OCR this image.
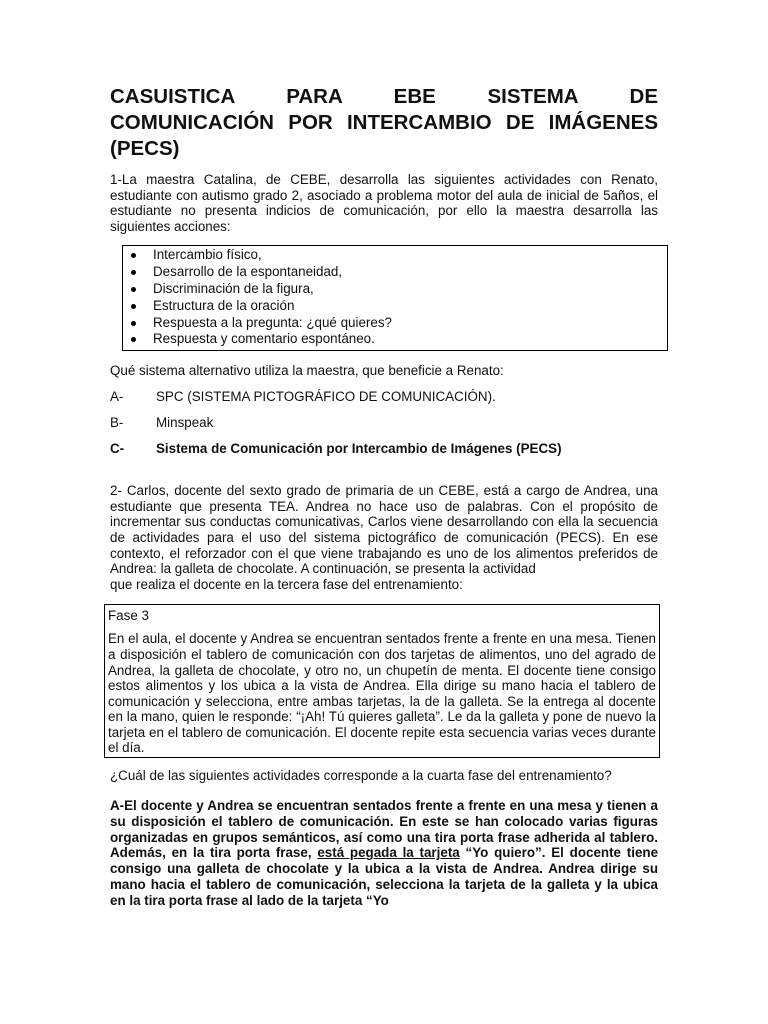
CASUISTICA PARA EBE SISTEMA DE
COMUNICACIÓN POR INTERCAMBIO DE IMÁGENES (PECS)

1-La maestra Catalina, de CEBE, desarrolla las siguientes actividades con Renato, estudiante con autismo grado 2, asociado a problema motor del aula de inicial de 5años, el estudiante no presenta indicios de comunicación, por ello la maestra desarrolla las siguientes acciones:

Intercambio físico,
Desarrollo de la espontaneidad,
Discriminación de la figura,
Estructura de la oración
Respuesta a la pregunta: ¿qué quieres?
Respuesta y comentario espontáneo.

Qué sistema alternativo utiliza la maestra, que beneficie a Renato:

A-	SPC (SISTEMA PICTOGRÁFICO DE COMUNICACIÓN).
B-	Minspeak
C-	Sistema de Comunicación por Intercambio de Imágenes (PECS)

2- Carlos, docente del sexto grado de primaria de un CEBE, está a cargo de Andrea, una estudiante que presenta TEA. Andrea no hace uso de palabras. Con el propósito de incrementar sus conductas comunicativas, Carlos viene desarrollando con ella la secuencia de actividades para el uso del sistema pictográfico de comunicación (PECS). En ese contexto, el reforzador con el que viene trabajando es uno de los alimentos preferidos de Andrea: la galleta de chocolate. A continuación, se presenta la actividad
que realiza el docente en la tercera fase del entrenamiento:

Fase 3

En el aula, el docente y Andrea se encuentran sentados frente a frente en una mesa. Tienen a disposición el tablero de comunicación con dos tarjetas de alimentos, uno del agrado de Andrea, la galleta de chocolate, y otro no, un chupetín de menta. El docente tiene consigo estos alimentos y los ubica a la vista de Andrea. Ella dirige su mano hacia el tablero de comunicación y selecciona, entre ambas tarjetas, la de la galleta. Se la entrega al docente en la mano, quien le responde: “¡Ah! Tú quieres galleta”. Le da la galleta y pone de nuevo la tarjeta en el tablero de comunicación. El docente repite esta secuencia varias veces durante el día.

¿Cuál de las siguientes actividades corresponde a la cuarta fase del entrenamiento?

A-El docente y Andrea se encuentran sentados frente a frente en una mesa y tienen a su disposición el tablero de comunicación. En este se han colocado varias figuras organizadas en grupos semánticos, así como una tira porta frase adherida al tablero. Además, en la tira porta frase, está pegada la tarjeta “Yo quiero”. El docente tiene consigo una galleta de chocolate y la ubica a la vista de Andrea. Andrea dirige su mano hacia el tablero de comunicación, selecciona la tarjeta de la galleta y la ubica en la tira porta frase al lado de la tarjeta “Yo
